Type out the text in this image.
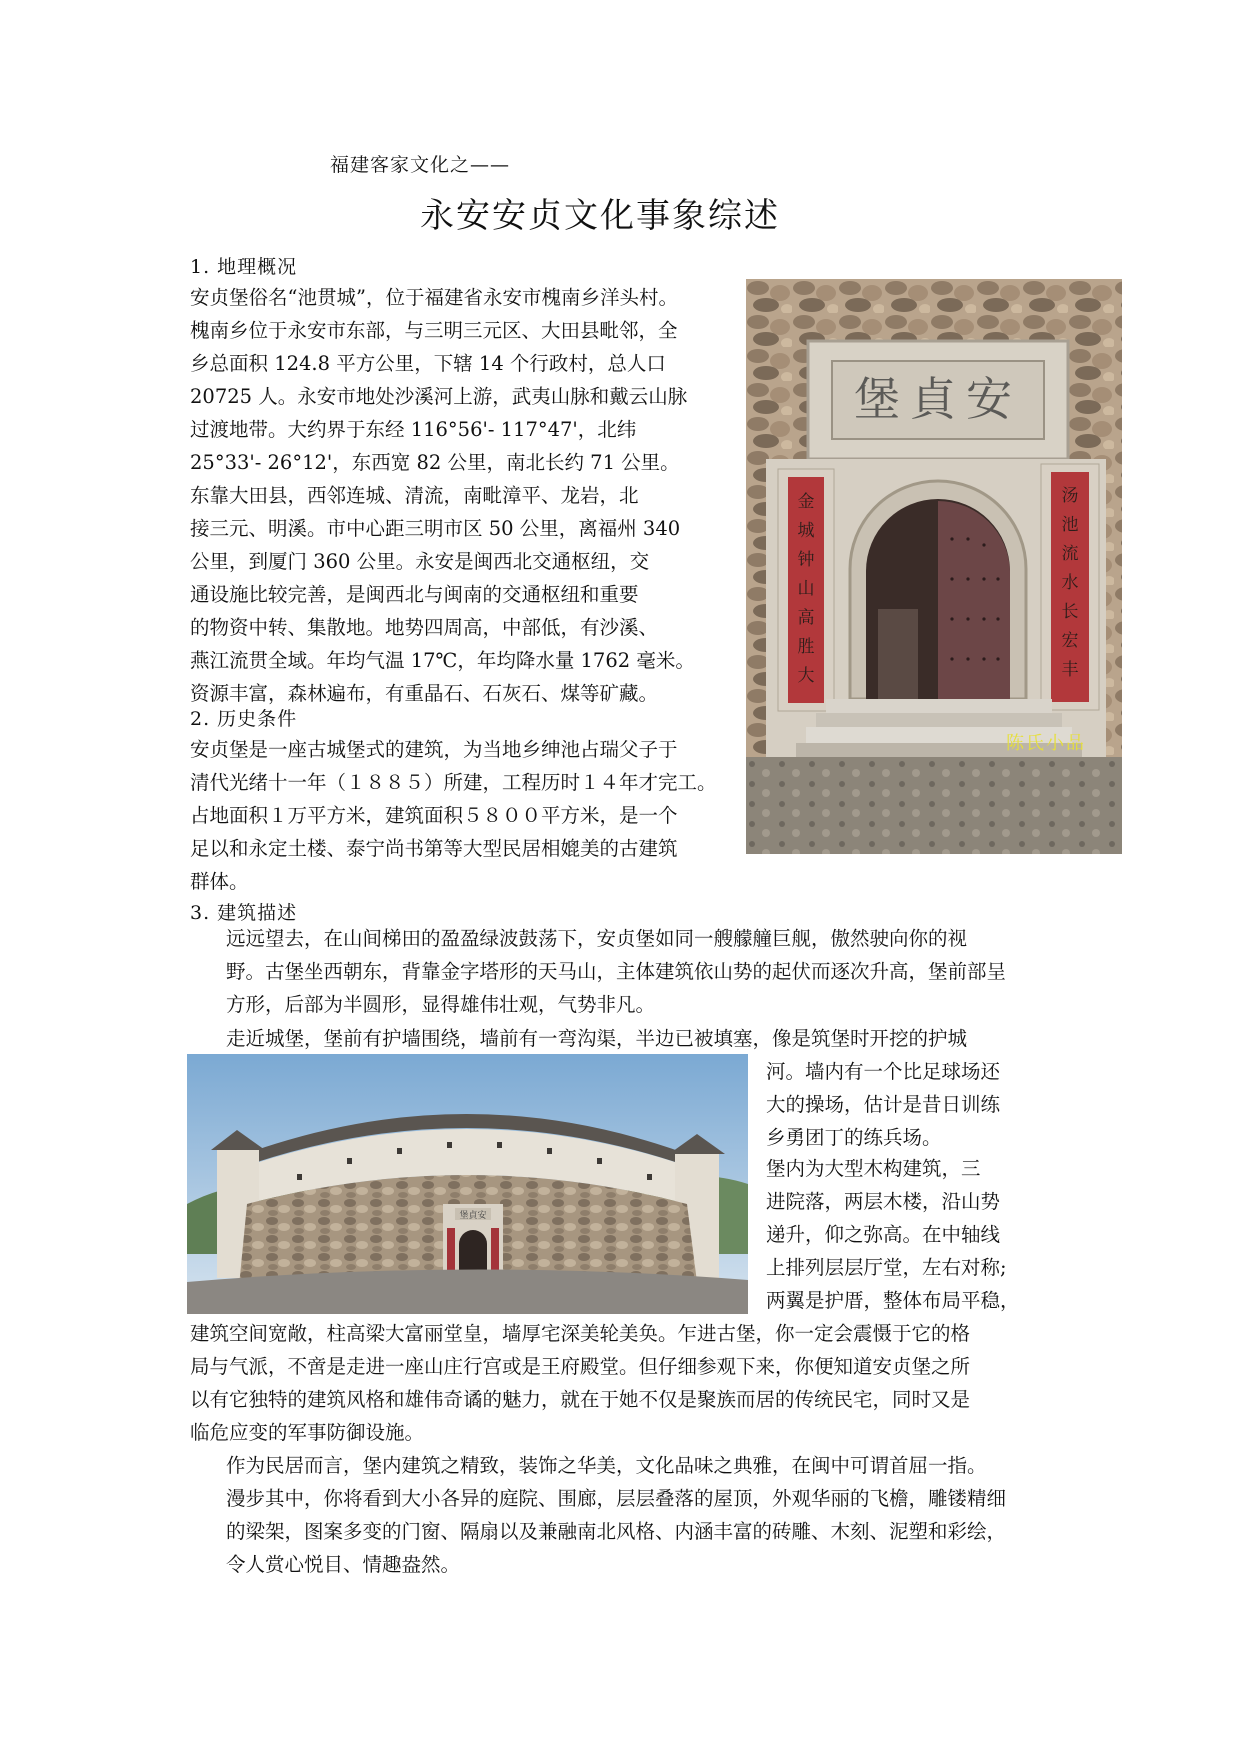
福建客家文化之——
永安安贞文化事象综述
1. 地理概况
安贞堡俗名“池贯城”，位于福建省永安市槐南乡洋头村。
槐南乡位于永安市东部，与三明三元区、大田县毗邻，全
乡总面积 124.8 平方公里，下辖 14 个行政村，总人口
20725 人。永安市地处沙溪河上游，武夷山脉和戴云山脉
过渡地带。大约界于东经 116°56'- 117°47'，北纬
25°33'- 26°12'，东西宽 82 公里，南北长约 71 公里。
东靠大田县，西邻连城、清流，南毗漳平、龙岩，北
接三元、明溪。市中心距三明市区 50 公里，离福州 340
公里，到厦门 360 公里。永安是闽西北交通枢纽，交
通设施比较完善，是闽西北与闽南的交通枢纽和重要
的物资中转、集散地。地势四周高，中部低，有沙溪、
燕江流贯全域。年均气温 17℃，年均降水量 1762 毫米。
资源丰富，森林遍布，有重晶石、石灰石、煤等矿藏。
堡貞安
金城钟山高胜大
汤池流水长宏丰
陈氏小品
2. 历史条件
安贞堡是一座古城堡式的建筑，为当地乡绅池占瑞父子于
清代光绪十一年（１８８５）所建，工程历时１４年才完工。
占地面积１万平方米，建筑面积５８００平方米，是一个
足以和永定土楼、泰宁尚书第等大型民居相媲美的古建筑
群体。
3. 建筑描述
远远望去，在山间梯田的盈盈绿波鼓荡下，安贞堡如同一艘艨艟巨舰，傲然驶向你的视
野。古堡坐西朝东，背靠金字塔形的天马山，主体建筑依山势的起伏而逐次升高，堡前部呈
方形，后部为半圆形，显得雄伟壮观，气势非凡。
走近城堡，堡前有护墙围绕，墙前有一弯沟渠，半边已被填塞，像是筑堡时开挖的护城
河。墙内有一个比足球场还
大的操场，估计是昔日训练
乡勇团丁的练兵场。
堡内为大型木构建筑，三
进院落，两层木楼，沿山势
递升，仰之弥高。在中轴线
上排列层层厅堂，左右对称;
两翼是护厝，整体布局平稳，
堡貞安
建筑空间宽敞，柱高梁大富丽堂皇，墙厚宅深美轮美奂。乍进古堡，你一定会震慑于它的格
局与气派，不啻是走进一座山庄行宫或是王府殿堂。但仔细参观下来，你便知道安贞堡之所
以有它独特的建筑风格和雄伟奇谲的魅力，就在于她不仅是聚族而居的传统民宅，同时又是
临危应变的军事防御设施。
作为民居而言，堡内建筑之精致，装饰之华美，文化品味之典雅，在闽中可谓首屈一指。
漫步其中，你将看到大小各异的庭院、围廊，层层叠落的屋顶，外观华丽的飞檐，雕镂精细
的梁架，图案多变的门窗、隔扇以及兼融南北风格、内涵丰富的砖雕、木刻、泥塑和彩绘，
令人赏心悦目、情趣盎然。
